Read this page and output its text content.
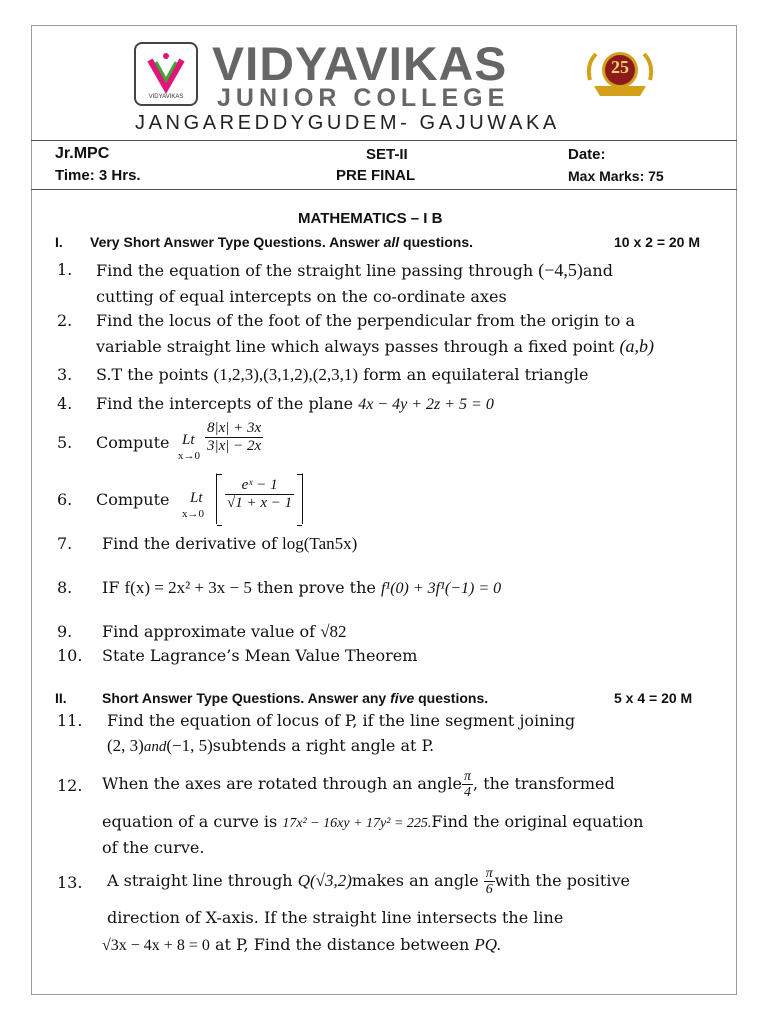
VIDYAVIKAS
VIDYAVIKAS
JUNIOR COLLEGE
25
JANGAREDDYGUDEM- GAJUWAKA
Jr.MPC	SET-II	Date:
Time: 3 Hrs.	PRE FINAL	Max Marks: 75
MATHEMATICS – I B
I. Very Short Answer Type Questions. Answer all questions.	10 x 2 = 20 M
1. Find the equation of the straight line passing through (−4,5)and
cutting of equal intercepts on the co-ordinate axes
2. Find the locus of the foot of the perpendicular from the origin to a
variable straight line which always passes through a fixed point (a,b)
3. S.T the points (1,2,3),(3,1,2),(2,3,1) form an equilateral triangle
4. Find the intercepts of the plane 4x − 4y + 2z + 5 = 0
5. Compute Lt
x→0
$\frac{8|x| + 3x}{3|x| - 2x}$
6. Compute Lt
$x\to 0 \frac{\text{eˣ − 1}}{√1 + x - 1}$
7. Find the derivative of log(Tan5x)
8. IF f(x) = 2x² + 3x − 5 then prove the f¹(0) + 3f¹(−1) = 0
9. Find approximate value of √82
10. State Lagrance’s Mean Value Theorem
II.	Short Answer Type Questions. Answer any five questions.	5 x 4 = 20 M
11. Find the equation of locus of P, if the line segment joining
(2, 3)and(−1, 5)subtends a right angle at P.
12. When the axes are rotated through an angle $\frac{\pi}{4}$ , the transformed
equation of a curve is 17x² − 16xy + 17y² = 225.Find the original equation
of the curve.
13. A straight line through Q(√3,2)makes an angle $\frac{\pi}{6}$ with the positive
direction of X-axis. If the straight line intersects the line
√3x − 4x + 8 = 0 at P, Find the distance between PQ.
